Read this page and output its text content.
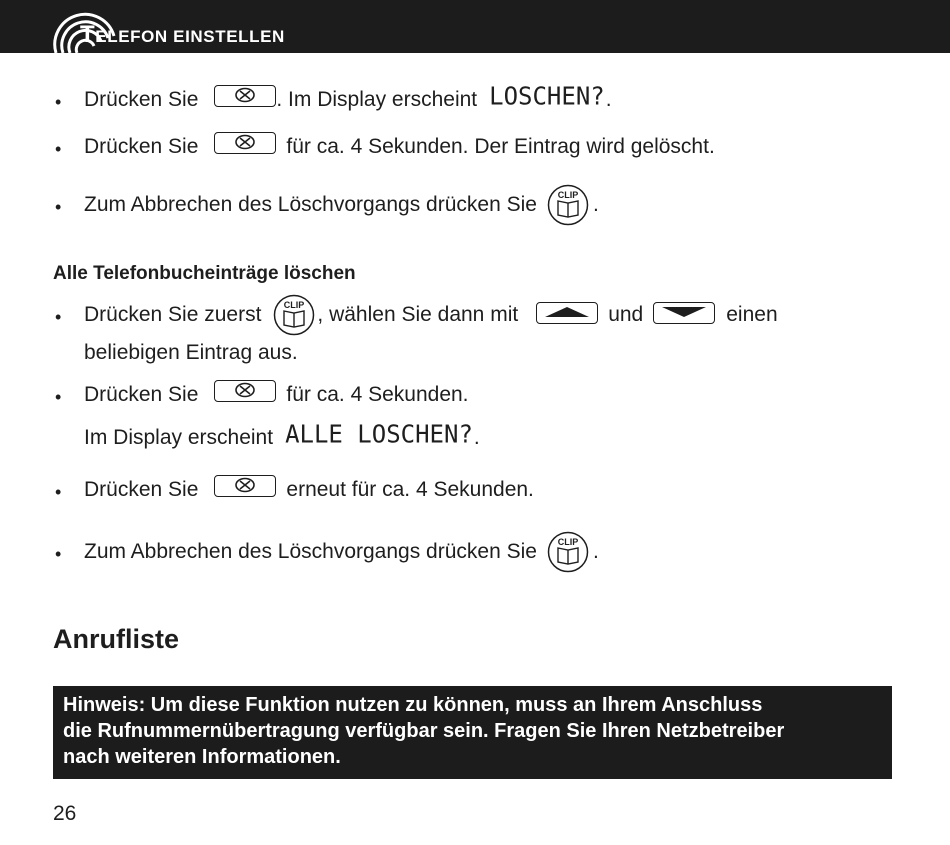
TELEFON EINSTELLEN
• Drücken Sie	. Im Display erscheint LOSCHEN? .
• Drücken Sie	für ca. 4 Sekunden. Der Eintrag wird gelöscht.
• Zum Abbrechen des Löschvorgangs drücken Sie CLIP .
Alle Telefonbucheinträge löschen
• Drücken Sie zuerst	CLIP , wählen Sie dann mit	und	einen
beliebigen Eintrag aus.
• Drücken Sie	für ca. 4 Sekunden.
Im Display erscheint ALLE LOSCHEN? .
• Drücken Sie	erneut für ca. 4 Sekunden.
• Zum Abbrechen des Löschvorgangs drücken Sie CLIP .
Anrufliste
Hinweis: Um diese Funktion nutzen zu können, muss an Ihrem Anschluss
die Rufnummernübertragung verfügbar sein. Fragen Sie Ihren Netzbetreiber
nach weiteren Informationen.
26
